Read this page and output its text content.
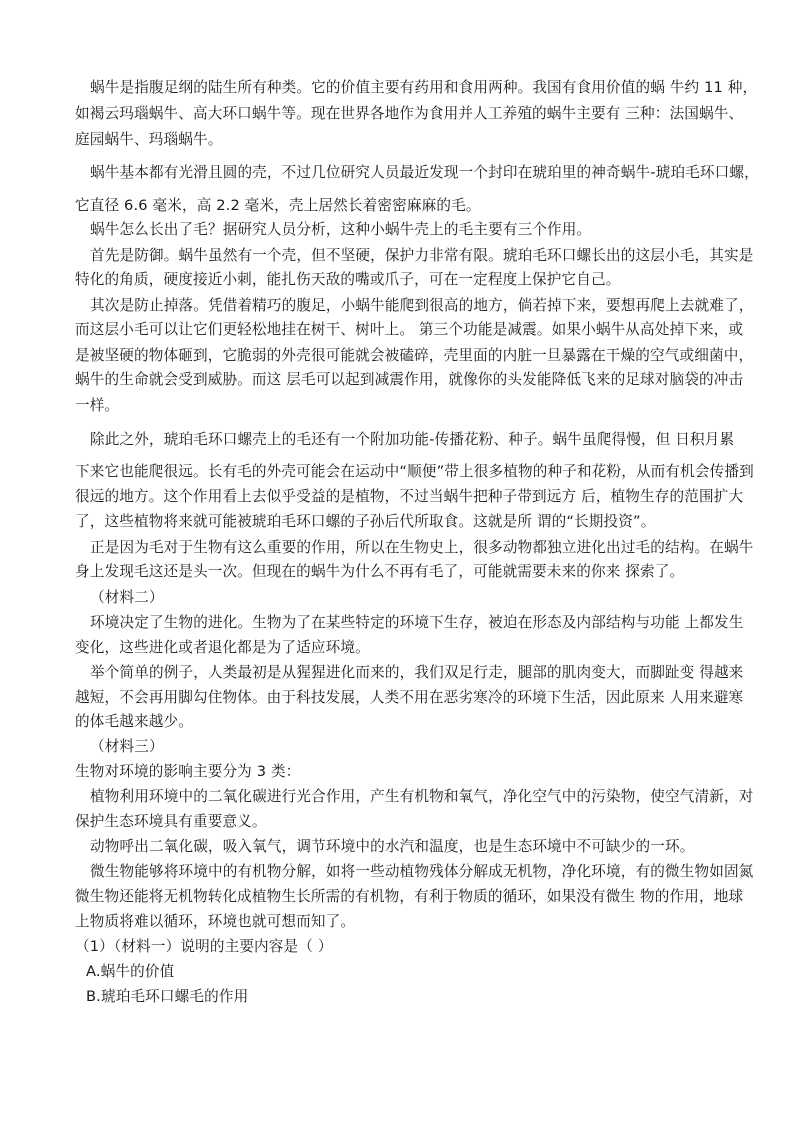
蜗牛是指腹足纲的陆生所有种类。它的价值主要有药用和食用两种。我国有食用价值的蜗 牛约 11 种，
如褐云玛瑙蜗牛、高大环口蜗牛等。现在世界各地作为食用并人工养殖的蜗牛主要有 三种：法国蜗牛、
庭园蜗牛、玛瑙蜗牛。
蜗牛基本都有光滑且圆的壳，不过几位研究人员最近发现一个封印在琥珀里的神奇蜗牛-琥珀毛环口螺，
它直径 6.6 毫米，高 2.2 毫米，壳上居然长着密密麻麻的毛。
蜗牛怎么长出了毛？据研究人员分析，这种小蜗牛壳上的毛主要有三个作用。
首先是防御。蜗牛虽然有一个壳，但不坚硬，保护力非常有限。琥珀毛环口螺长出的这层小毛，其实是
特化的角质，硬度接近小刺，能扎伤天敌的嘴或爪子，可在一定程度上保护它自己。
其次是防止掉落。凭借着精巧的腹足，小蜗牛能爬到很高的地方，倘若掉下来，要想再爬上去就难了，
而这层小毛可以让它们更轻松地挂在树干、树叶上。 第三个功能是减震。如果小蜗牛从高处掉下来，或
是被坚硬的物体砸到，它脆弱的外壳很可能就会被磕碎，壳里面的内脏一旦暴露在干燥的空气或细菌中，
蜗牛的生命就会受到威胁。而这 层毛可以起到减震作用，就像你的头发能降低飞来的足球对脑袋的冲击
一样。
除此之外，琥珀毛环口螺壳上的毛还有一个附加功能-传播花粉、种子。蜗牛虽爬得慢，但 日积月累
下来它也能爬很远。长有毛的外壳可能会在运动中“顺便”带上很多植物的种子和花粉，从而有机会传播到
很远的地方。这个作用看上去似乎受益的是植物，不过当蜗牛把种子带到远方 后，植物生存的范围扩大
了，这些植物将来就可能被琥珀毛环口螺的子孙后代所取食。这就是所 谓的“长期投资”。
正是因为毛对于生物有这么重要的作用，所以在生物史上，很多动物都独立进化出过毛的结构。在蜗牛
身上发现毛这还是头一次。但现在的蜗牛为什么不再有毛了，可能就需要未来的你来 探索了。
（材料二）
环境决定了生物的进化。生物为了在某些特定的环境下生存，被迫在形态及内部结构与功能 上都发生
变化，这些进化或者退化都是为了适应环境。
举个简单的例子，人类最初是从猩猩进化而来的，我们双足行走，腿部的肌肉变大，而脚趾变 得越来
越短，不会再用脚勾住物体。由于科技发展，人类不用在恶劣寒冷的环境下生活，因此原来 人用来避寒
的体毛越来越少。
（材料三）
生物对环境的影响主要分为 3 类：
植物利用环境中的二氧化碳进行光合作用，产生有机物和氧气，净化空气中的污染物，使空气清新，对
保护生态环境具有重要意义。
动物呼出二氧化碳，吸入氧气，调节环境中的水汽和温度，也是生态环境中不可缺少的一环。
微生物能够将环境中的有机物分解，如将一些动植物残体分解成无机物，净化环境，有的微生物如固氮
微生物还能将无机物转化成植物生长所需的有机物，有利于物质的循环，如果没有微生 物的作用，地球
上物质将难以循环，环境也就可想而知了。
（1）（材料一）说明的主要内容是（ ）
A.蜗牛的价值
B.琥珀毛环口螺毛的作用
